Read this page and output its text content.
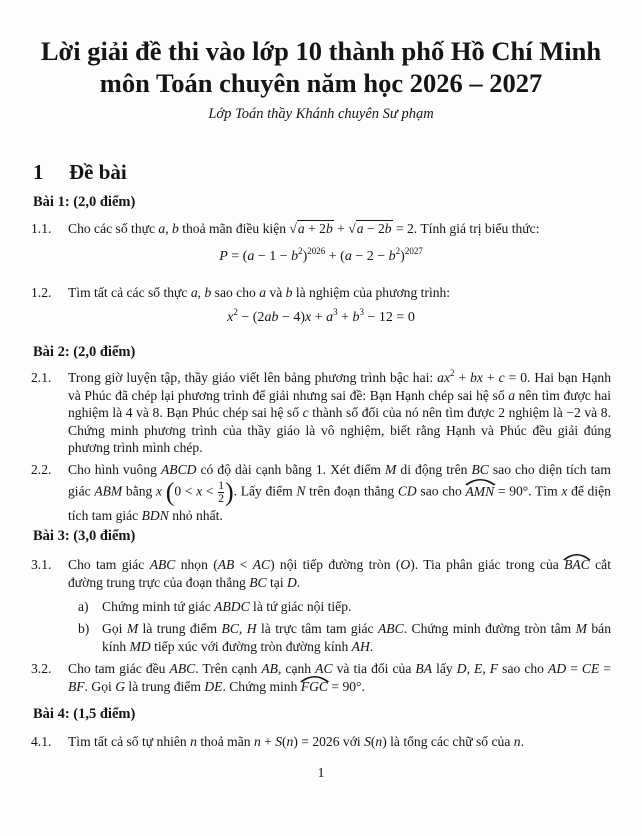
Lời giải đề thi vào lớp 10 thành phố Hồ Chí Minh
môn Toán chuyên năm học 2026 – 2027
Lớp Toán thầy Khánh chuyên Sư phạm
1 Đề bài
Bài 1: (2,0 điểm)
1.1. Cho các số thực a, b thoả mãn điều kiện √a + 2b + √a − 2b = 2. Tính giá trị biểu thức:
$P = (a - 1 - b^2)^{2026} + (a - 2 - b^2)^{2027}$
1.2. Tìm tất cả các số thực a, b sao cho a và b là nghiệm của phương trình:
$x^2 - (2ab - 4)x + a^3 + b^3 - 12 = 0$
Bài 2: (2,0 điểm)
2.1. Trong giờ luyện tập, thầy giáo viết lên bảng phương trình bậc hai: $ax^2$ + bx + c = 0. Hai bạn Hạnh và Phúc đã chép lại phương trình để giải nhưng sai đề: Bạn Hạnh chép sai hệ số a nên tìm được hai nghiệm là 4 và 8. Bạn Phúc chép sai hệ số c thành số đối của nó nên tìm được 2 nghiệm là −2 và 8. Chứng minh phương trình của thầy giáo là vô nghiệm, biết rằng Hạnh và Phúc đều giải đúng phương trình mình chép.
2.2. Cho hình vuông ABCD có độ dài cạnh bằng 1. Xét điểm M di động trên BC sao cho diện tích tam giác ABM bằng x ($0 < x < \frac{1}{2}$ ). Lấy điểm N trên đoạn thẳng CD sao cho
AMN = 90°. Tìm x để diện tích tam giác BDN nhỏ nhất.
Bài 3: (3,0 điểm)
3.1. Cho tam giác ABC nhọn (AB < AC) nội tiếp đường tròn (O). Tia phân giác trong của
BAC cắt đường trung trực của đoạn thẳng BC tại D.
a) Chứng minh tứ giác ABDC là tứ giác nội tiếp.
b) Gọi M là trung điểm BC, H là trực tâm tam giác ABC. Chứng minh đường tròn tâm M bán kính MD tiếp xúc với đường tròn đường kính AH.
3.2. Cho tam giác đều ABC. Trên cạnh AB, cạnh AC và tia đối của BA lấy D, E, F sao cho AD = CE = BF. Gọi G là trung điểm DE. Chứng minh
FGC = 90°.
Bài 4: (1,5 điểm)
4.1. Tìm tất cả số tự nhiên n thoả mãn n + S(n) = 2026 với S(n) là tổng các chữ số của n.
1
